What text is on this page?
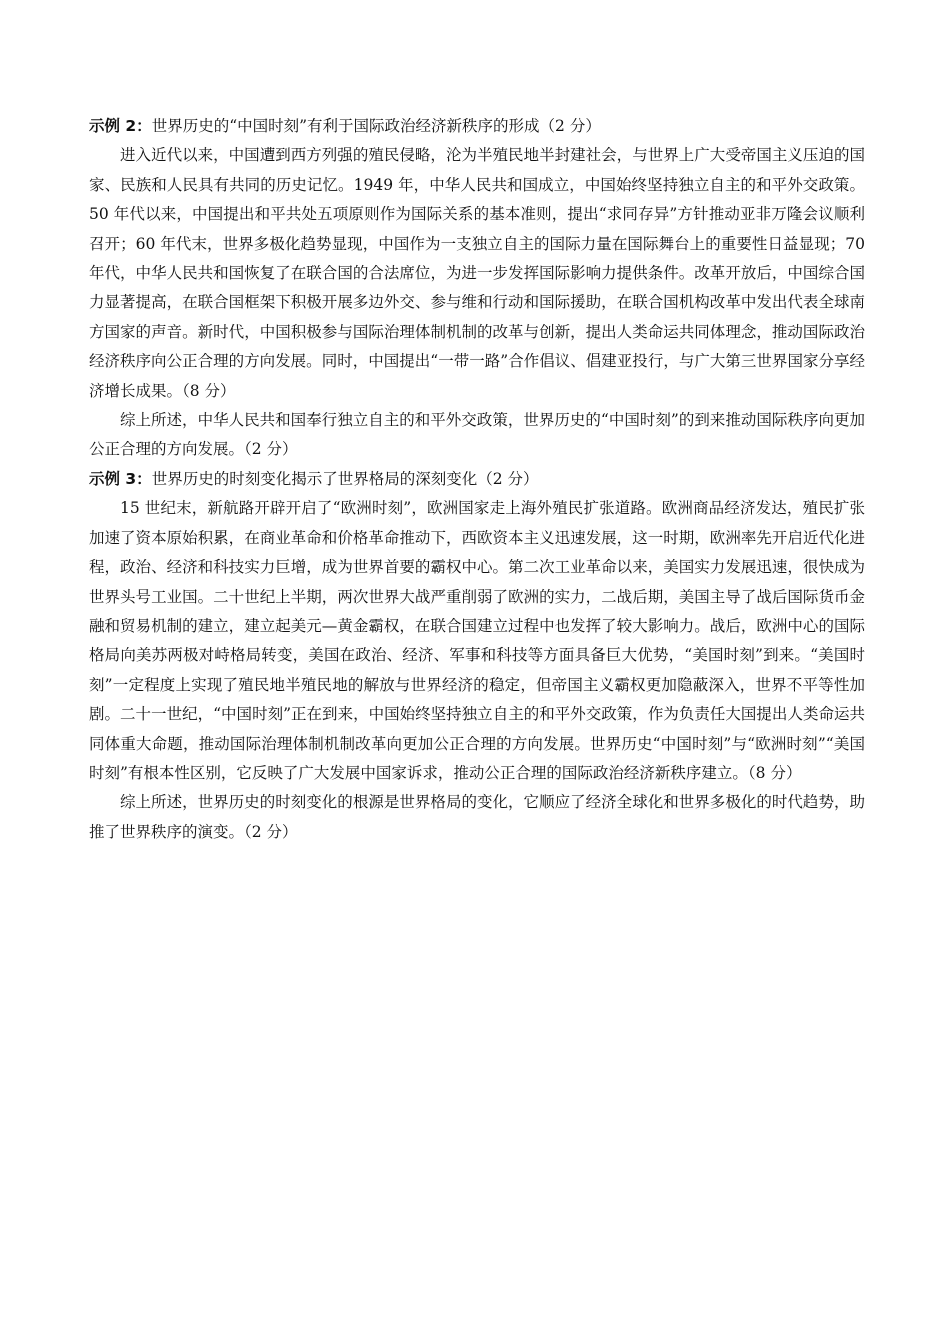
示例 2：世界历史的“中国时刻”有利于国际政治经济新秩序的形成（2 分）

进入近代以来，中国遭到西方列强的殖民侵略，沦为半殖民地半封建社会，与世界上广大受帝国主义压迫的国家、民族和人民具有共同的历史记忆。1949 年，中华人民共和国成立，中国始终坚持独立自主的和平外交政策。50 年代以来，中国提出和平共处五项原则作为国际关系的基本准则，提出“求同存异”方针推动亚非万隆会议顺利召开；60 年代末，世界多极化趋势显现，中国作为一支独立自主的国际力量在国际舞台上的重要性日益显现；70 年代，中华人民共和国恢复了在联合国的合法席位，为进一步发挥国际影响力提供条件。改革开放后，中国综合国力显著提高，在联合国框架下积极开展多边外交、参与维和行动和国际援助，在联合国机构改革中发出代表全球南方国家的声音。新时代，中国积极参与国际治理体制机制的改革与创新，提出人类命运共同体理念，推动国际政治经济秩序向公正合理的方向发展。同时，中国提出“一带一路”合作倡议、倡建亚投行，与广大第三世界国家分享经济增长成果。（8 分）

综上所述，中华人民共和国奉行独立自主的和平外交政策，世界历史的“中国时刻”的到来推动国际秩序向更加公正合理的方向发展。（2 分）

示例 3：世界历史的时刻变化揭示了世界格局的深刻变化（2 分）

15 世纪末，新航路开辟开启了“欧洲时刻”，欧洲国家走上海外殖民扩张道路。欧洲商品经济发达，殖民扩张加速了资本原始积累，在商业革命和价格革命推动下，西欧资本主义迅速发展，这一时期，欧洲率先开启近代化进程，政治、经济和科技实力巨增，成为世界首要的霸权中心。第二次工业革命以来，美国实力发展迅速，很快成为世界头号工业国。二十世纪上半期，两次世界大战严重削弱了欧洲的实力，二战后期，美国主导了战后国际货币金融和贸易机制的建立，建立起美元—黄金霸权，在联合国建立过程中也发挥了较大影响力。战后，欧洲中心的国际格局向美苏两极对峙格局转变，美国在政治、经济、军事和科技等方面具备巨大优势，“美国时刻”到来。“美国时刻”一定程度上实现了殖民地半殖民地的解放与世界经济的稳定，但帝国主义霸权更加隐蔽深入，世界不平等性加剧。二十一世纪，“中国时刻”正在到来，中国始终坚持独立自主的和平外交政策，作为负责任大国提出人类命运共同体重大命题，推动国际治理体制机制改革向更加公正合理的方向发展。世界历史“中国时刻”与“欧洲时刻”“美国时刻”有根本性区别，它反映了广大发展中国家诉求，推动公正合理的国际政治经济新秩序建立。（8 分）

综上所述，世界历史的时刻变化的根源是世界格局的变化，它顺应了经济全球化和世界多极化的时代趋势，助推了世界秩序的演变。（2 分）
